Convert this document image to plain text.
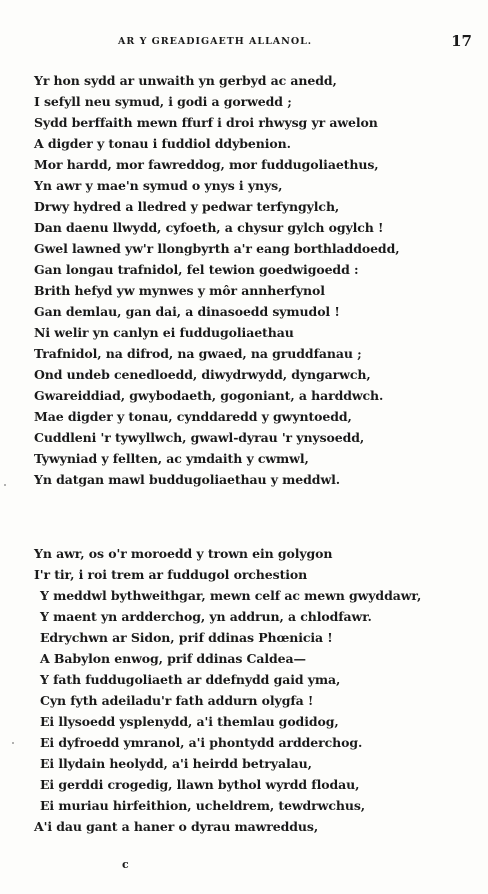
AR Y GREADIGAETH ALLANOL.	17
Yr hon sydd ar unwaith yn gerbyd ac anedd,
I sefyll neu symud, i godi a gorwedd ;
Sydd berffaith mewn ffurf i droi rhwysg yr awelon
A digder y tonau i fuddiol ddybenion.
Mor hardd, mor fawreddog, mor fuddugoliaethus,
Yn awr y mae'n symud o ynys i ynys,
Drwy hydred a lledred y pedwar terfyngylch,
Dan daenu llwydd, cyfoeth, a chysur gylch ogylch !
Gwel lawned yw'r llongbyrth a'r eang borthladdoedd,
Gan longau trafnidol, fel tewion goedwigoedd :
Brith hefyd yw mynwes y môr annherfynol
Gan demlau, gan dai, a dinasoedd symudol !
Ni welir yn canlyn ei fuddugoliaethau
Trafnidol, na difrod, na gwaed, na gruddfanau ;
Ond undeb cenedloedd, diwydrwydd, dyngarwch,
Gwareiddiad, gwybodaeth, gogoniant, a harddwch.
Mae digder y tonau, cynddaredd y gwyntoedd,
Cuddleni 'r tywyllwch, gwawl-dyrau 'r ynysoedd,
Tywyniad y fellten, ac ymdaith y cwmwl,
Yn datgan mawl buddugoliaethau y meddwl.
Yn awr, os o'r moroedd y trown ein golygon
I'r tir, i roi trem ar fuddugol orchestion
Y meddwl bythweithgar, mewn celf ac mewn gwyddawr,
Y maent yn ardderchog, yn addrun, a chlodfawr.
Edrychwn ar Sidon, prif ddinas Phœnicia !
A Babylon enwog, prif ddinas Caldea—
Y fath fuddugoliaeth ar ddefnydd gaid yma,
Cyn fyth adeiladu'r fath addurn olygfa !
Ei llysoedd ysplenydd, a'i themlau godidog,
Ei dyfroedd ymranol, a'i phontydd ardderchog.
Ei llydain heolydd, a'i heirdd betryalau,
Ei gerddi crogedig, llawn bythol wyrdd flodau,
Ei muriau hirfeithion, ucheldrem, tewdrwchus,
A'i dau gant a haner o dyrau mawreddus,
c
